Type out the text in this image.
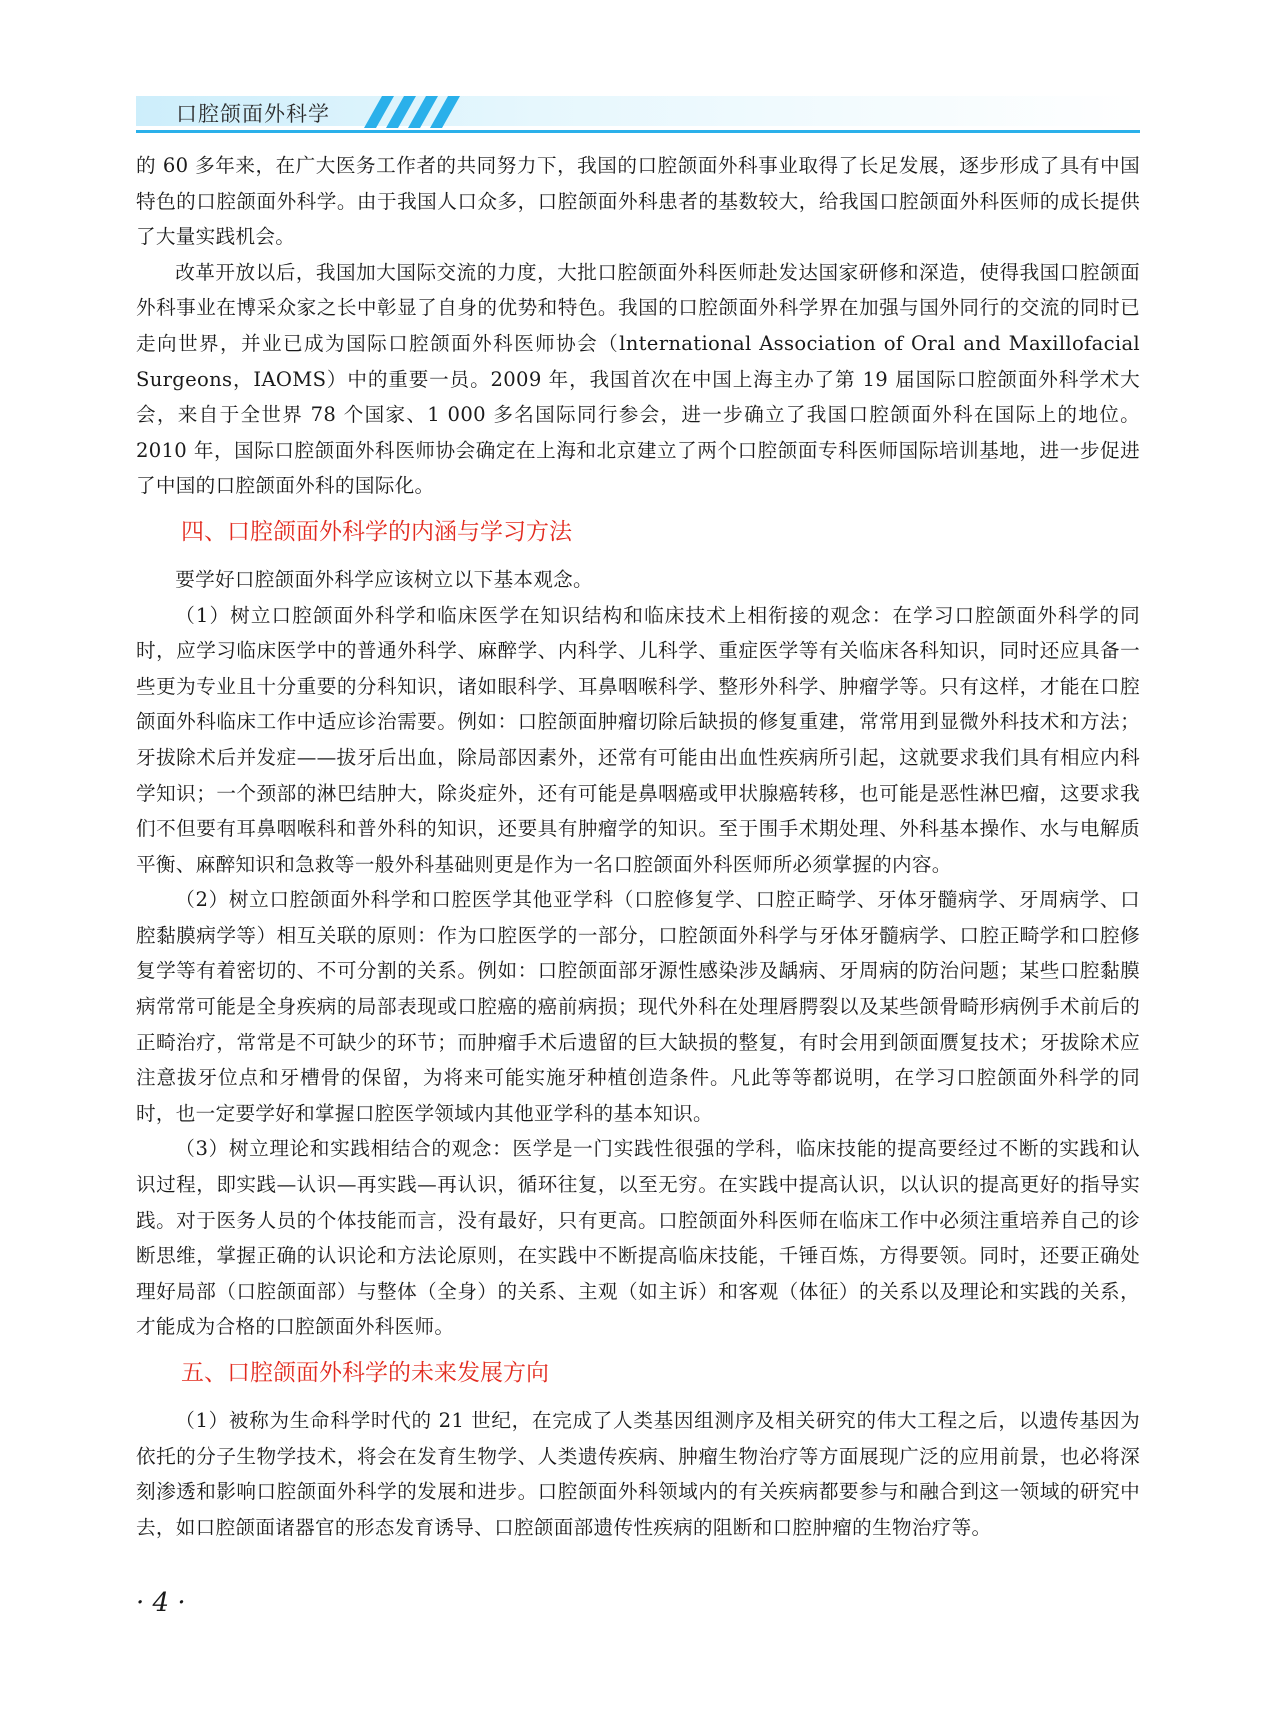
口腔颌面外科学

的 60 多年来，在广大医务工作者的共同努力下，我国的口腔颌面外科事业取得了长足发展，逐步形成了具有中国特色的口腔颌面外科学。由于我国人口众多，口腔颌面外科患者的基数较大，给我国口腔颌面外科医师的成长提供了大量实践机会。

改革开放以后，我国加大国际交流的力度，大批口腔颌面外科医师赴发达国家研修和深造，使得我国口腔颌面外科事业在博采众家之长中彰显了自身的优势和特色。我国的口腔颌面外科学界在加强与国外同行的交流的同时已走向世界，并业已成为国际口腔颌面外科医师协会（lnternational Association of Oral and Maxillofacial Surgeons，IAOMS）中的重要一员。2009 年，我国首次在中国上海主办了第 19 届国际口腔颌面外科学术大会，来自于全世界 78 个国家、1 000 多名国际同行参会，进一步确立了我国口腔颌面外科在国际上的地位。2010 年，国际口腔颌面外科医师协会确定在上海和北京建立了两个口腔颌面专科医师国际培训基地，进一步促进了中国的口腔颌面外科的国际化。

四、口腔颌面外科学的内涵与学习方法

要学好口腔颌面外科学应该树立以下基本观念。

（1）树立口腔颌面外科学和临床医学在知识结构和临床技术上相衔接的观念：在学习口腔颌面外科学的同时，应学习临床医学中的普通外科学、麻醉学、内科学、儿科学、重症医学等有关临床各科知识，同时还应具备一些更为专业且十分重要的分科知识，诸如眼科学、耳鼻咽喉科学、整形外科学、肿瘤学等。只有这样，才能在口腔颌面外科临床工作中适应诊治需要。例如：口腔颌面肿瘤切除后缺损的修复重建，常常用到显微外科技术和方法；牙拔除术后并发症——拔牙后出血，除局部因素外，还常有可能由出血性疾病所引起，这就要求我们具有相应内科学知识；一个颈部的淋巴结肿大，除炎症外，还有可能是鼻咽癌或甲状腺癌转移，也可能是恶性淋巴瘤，这要求我们不但要有耳鼻咽喉科和普外科的知识，还要具有肿瘤学的知识。至于围手术期处理、外科基本操作、水与电解质平衡、麻醉知识和急救等一般外科基础则更是作为一名口腔颌面外科医师所必须掌握的内容。

（2）树立口腔颌面外科学和口腔医学其他亚学科（口腔修复学、口腔正畸学、牙体牙髓病学、牙周病学、口腔黏膜病学等）相互关联的原则：作为口腔医学的一部分，口腔颌面外科学与牙体牙髓病学、口腔正畸学和口腔修复学等有着密切的、不可分割的关系。例如：口腔颌面部牙源性感染涉及龋病、牙周病的防治问题；某些口腔黏膜病常常可能是全身疾病的局部表现或口腔癌的癌前病损；现代外科在处理唇腭裂以及某些颌骨畸形病例手术前后的正畸治疗，常常是不可缺少的环节；而肿瘤手术后遗留的巨大缺损的整复，有时会用到颌面赝复技术；牙拔除术应注意拔牙位点和牙槽骨的保留，为将来可能实施牙种植创造条件。凡此等等都说明，在学习口腔颌面外科学的同时，也一定要学好和掌握口腔医学领域内其他亚学科的基本知识。

（3）树立理论和实践相结合的观念：医学是一门实践性很强的学科，临床技能的提高要经过不断的实践和认识过程，即实践—认识—再实践—再认识，循环往复，以至无穷。在实践中提高认识，以认识的提高更好的指导实践。对于医务人员的个体技能而言，没有最好，只有更高。口腔颌面外科医师在临床工作中必须注重培养自己的诊断思维，掌握正确的认识论和方法论原则，在实践中不断提高临床技能，千锤百炼，方得要领。同时，还要正确处理好局部（口腔颌面部）与整体（全身）的关系、主观（如主诉）和客观（体征）的关系以及理论和实践的关系，才能成为合格的口腔颌面外科医师。

五、口腔颌面外科学的未来发展方向

（1）被称为生命科学时代的 21 世纪，在完成了人类基因组测序及相关研究的伟大工程之后，以遗传基因为依托的分子生物学技术，将会在发育生物学、人类遗传疾病、肿瘤生物治疗等方面展现广泛的应用前景，也必将深刻渗透和影响口腔颌面外科学的发展和进步。口腔颌面外科领域内的有关疾病都要参与和融合到这一领域的研究中去，如口腔颌面诸器官的形态发育诱导、口腔颌面部遗传性疾病的阻断和口腔肿瘤的生物治疗等。

· 4 ·
